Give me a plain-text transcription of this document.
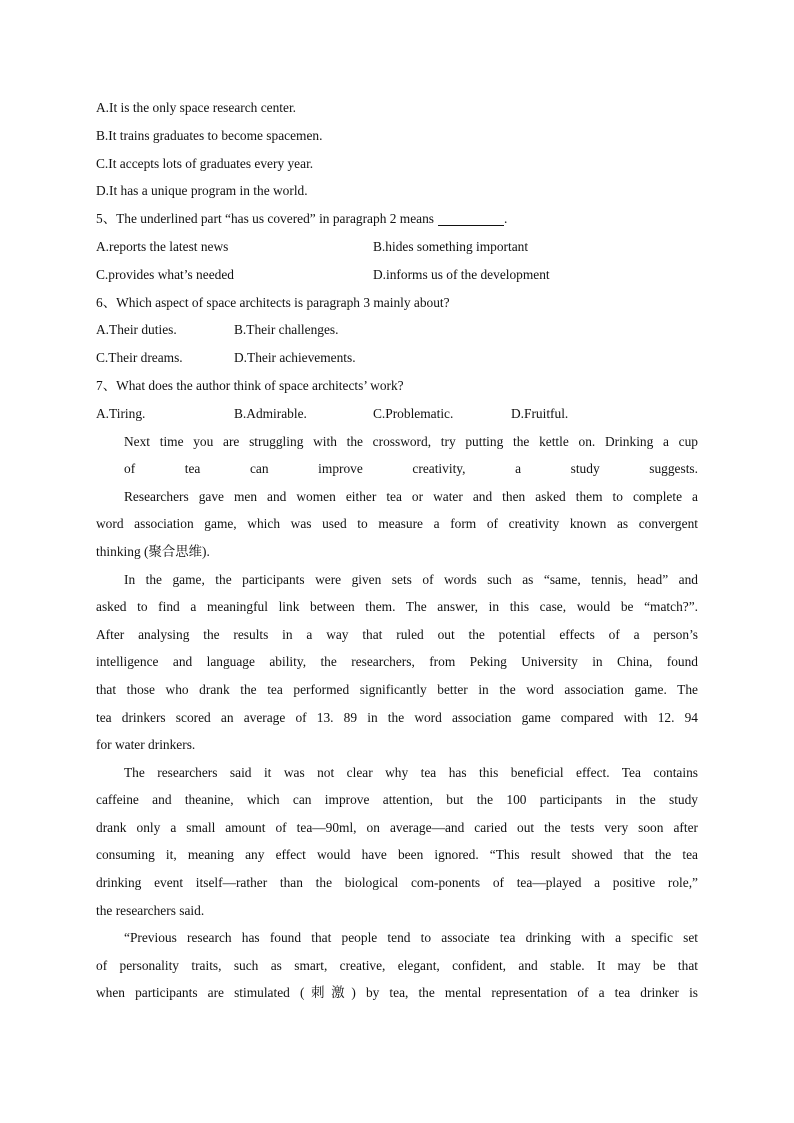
A.It is the only space research center.
B.It trains graduates to become spacemen.
C.It accepts lots of graduates every year.
D.It has a unique program in the world.
5、The underlined part “has us covered” in paragraph 2 means	.
A.reports the latest news	B.hides something important
C.provides what’s needed	D.informs us of the development
6、Which aspect of space architects is paragraph 3 mainly about?
A.Their duties.	B.Their challenges.
C.Their dreams.	D.Their achievements.
7、What does the author think of space architects’ work?
A.Tiring.	B.Admirable.	C.Problematic.	D.Fruitful.
Next time you are struggling with the crossword, try putting the kettle on. Drinking a cup
of tea can improve creativity, a study suggests.
Researchers gave men and women either tea or water and then asked them to complete a
word association game, which was used to measure a form of creativity known as convergent
thinking (聚合思维).
In the game, the participants were given sets of words such as “same, tennis, head” and
asked to find a meaningful link between them. The answer, in this case, would be “match?”.
After analysing the results in a way that ruled out the potential effects of a person’s
intelligence and language ability, the researchers, from Peking University in China, found
that those who drank the tea performed significantly better in the word association game. The
tea drinkers scored an average of 13. 89 in the word association game compared with 12. 94
for water drinkers.
The researchers said it was not clear why tea has this beneficial effect. Tea contains
caffeine and theanine, which can improve attention, but the 100 participants in the study
drank only a small amount of tea—90ml, on average—and caried out the tests very soon after
consuming it, meaning any effect would have been ignored. “This result showed that the tea
drinking event itself—rather than the biological com-ponents of tea—played a positive role,”
the researchers said.
“Previous research has found that people tend to associate tea drinking with a specific set
of personality traits, such as smart, creative, elegant, confident, and stable. It may be that
when participants are stimulated (刺激) by tea, the mental representation of a tea drinker is
